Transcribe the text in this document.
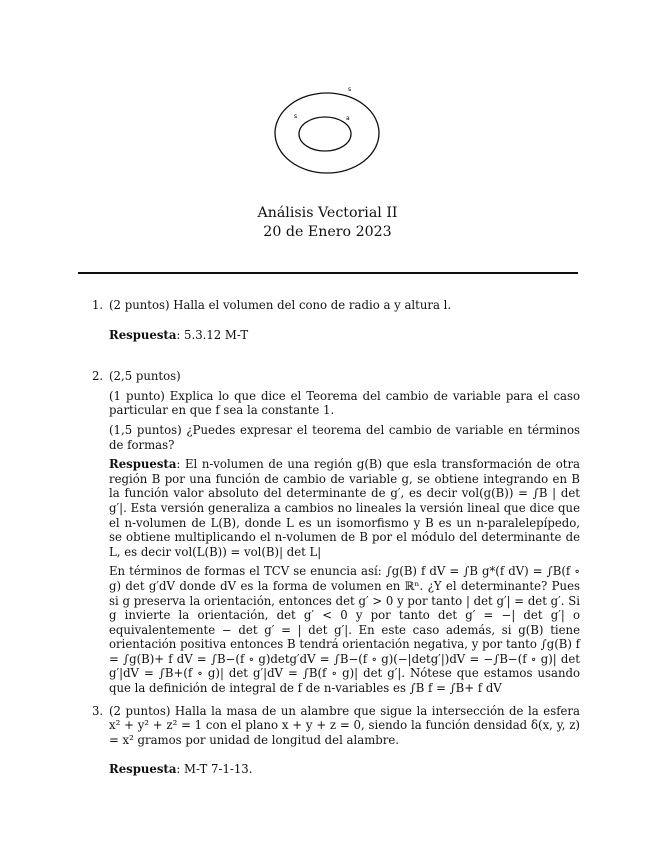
s
s	a
Análisis Vectorial II
20 de Enero 2023
1. (2 puntos) Halla el volumen del cono de radio a y altura l.

Respuesta: 5.3.12 M-T

2. (2,5 puntos)

(1 punto) Explica lo que dice el Teorema del cambio de variable para el caso particular en que f sea la constante 1.

(1,5 puntos) ¿Puedes expresar el teorema del cambio de variable en términos de formas?

Respuesta: El n-volumen de una región g(B) que esla transformación de otra región B por una función de cambio de variable g, se obtiene integrando en B la función valor absoluto del determinante de g′, es decir vol(g(B)) = ∫B | det g′|. Esta versión generaliza a cambios no lineales la versión lineal que dice que el n-volumen de L(B), donde L es un isomorfismo y B es un n-paralelepípedo, se obtiene multiplicando el n-volumen de B por el módulo del determinante de L, es decir vol(L(B)) = vol(B)| det L|

En términos de formas el TCV se enuncia así: ∫g(B) f dV = ∫B g*(f dV) = ∫B(f ∘ g) det g′dV donde dV es la forma de volumen en ℝⁿ. ¿Y el determinante? Pues si g preserva la orientación, entonces det g′ > 0 y por tanto | det g′| = det g′. Si g invierte la orientación, det g′ < 0 y por tanto det g′ = −| det g′| o equivalentemente − det g′ = | det g′|. En este caso además, si g(B) tiene orientación positiva entonces B tendrá orientación negativa, y por tanto ∫g(B) f = ∫g(B)+ f dV = ∫B−(f ∘ g)detg′dV = ∫B−(f ∘ g)(−|detg′|)dV = −∫B−(f ∘ g)| det g′|dV = ∫B+(f ∘ g)| det g′|dV = ∫B(f ∘ g)| det g′|. Nótese que estamos usando que la definición de integral de f de n-variables es ∫B f = ∫B+ f dV

3. (2 puntos) Halla la masa de un alambre que sigue la intersección de la esfera x² + y² + z² = 1 con el plano x + y + z = 0, siendo la función densidad δ(x, y, z) = x² gramos por unidad de longitud del alambre.

Respuesta: M-T 7-1-13.
